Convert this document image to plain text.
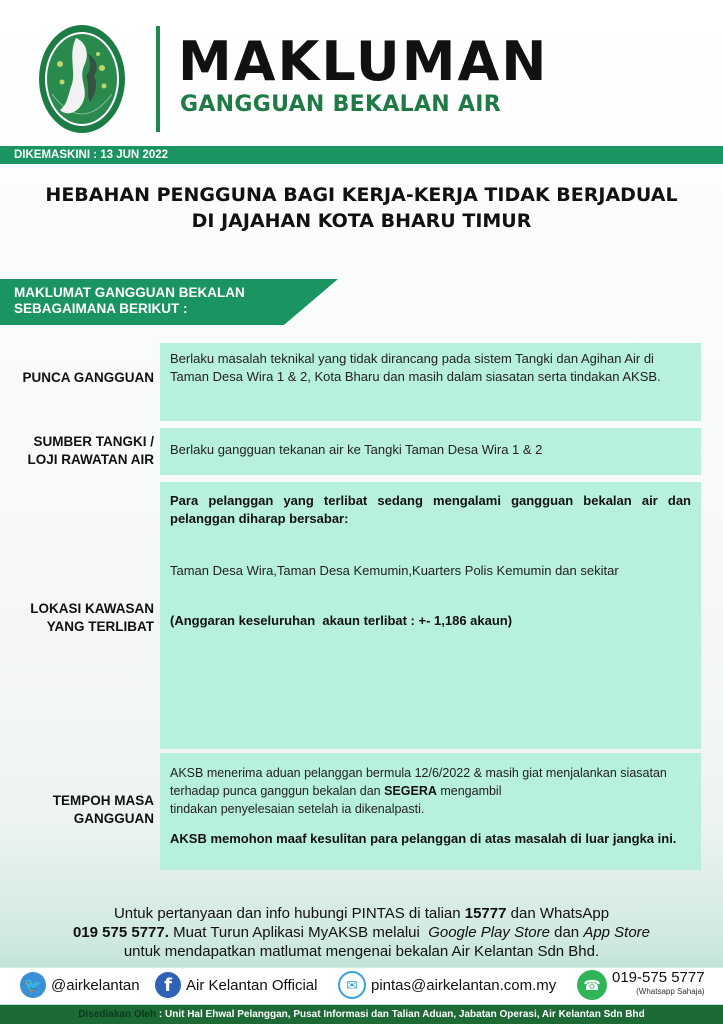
MAKLUMAN
GANGGUAN BEKALAN AIR
DIKEMASKINI : 13 JUN 2022
HEBAHAN PENGGUNA BAGI KERJA-KERJA TIDAK BERJADUAL
DI JAJAHAN KOTA BHARU TIMUR
MAKLUMAT GANGGUAN BEKALAN
SEBAGAIMANA BERIKUT :
PUNCA GANGGUAN
Berlaku masalah teknikal yang tidak dirancang pada sistem Tangki dan Agihan Air di Taman Desa Wira 1 & 2, Kota Bharu dan masih dalam siasatan serta tindakan AKSB.
SUMBER TANGKI /
LOJI RAWATAN AIR
Berlaku gangguan tekanan air ke Tangki Taman Desa Wira 1 & 2
LOKASI KAWASAN
YANG TERLIBAT
Para pelanggan yang terlibat sedang mengalami gangguan bekalan air dan pelanggan diharap bersabar:
Taman Desa Wira,Taman Desa Kemumin,Kuarters Polis Kemumin dan sekitar
(Anggaran keseluruhan  akaun terlibat : +- 1,186 akaun)
TEMPOH MASA
GANGGUAN
AKSB menerima aduan pelanggan bermula 12/6/2022 & masih giat menjalankan siasatan terhadap punca ganggun bekalan dan SEGERA mengambil
tindakan penyelesaian setelah ia dikenalpasti.
AKSB memohon maaf kesulitan para pelanggan di atas masalah di luar jangka ini.
Untuk pertanyaan dan info hubungi PINTAS di talian 15777 dan WhatsApp
019 575 5777. Muat Turun Aplikasi MyAKSB melalui  Google Play Store dan App Store
untuk mendapatkan matlumat mengenai bekalan Air Kelantan Sdn Bhd.
🐦 @airkelantan	f Air Kelantan Official	✉ pintas@airkelantan.com.my	☎ 019-575 5777
(Whatsapp Sahaja)
Disediakan Oleh : Unit Hal Ehwal Pelanggan, Pusat Informasi dan Talian Aduan, Jabatan Operasi, Air Kelantan Sdn Bhd
